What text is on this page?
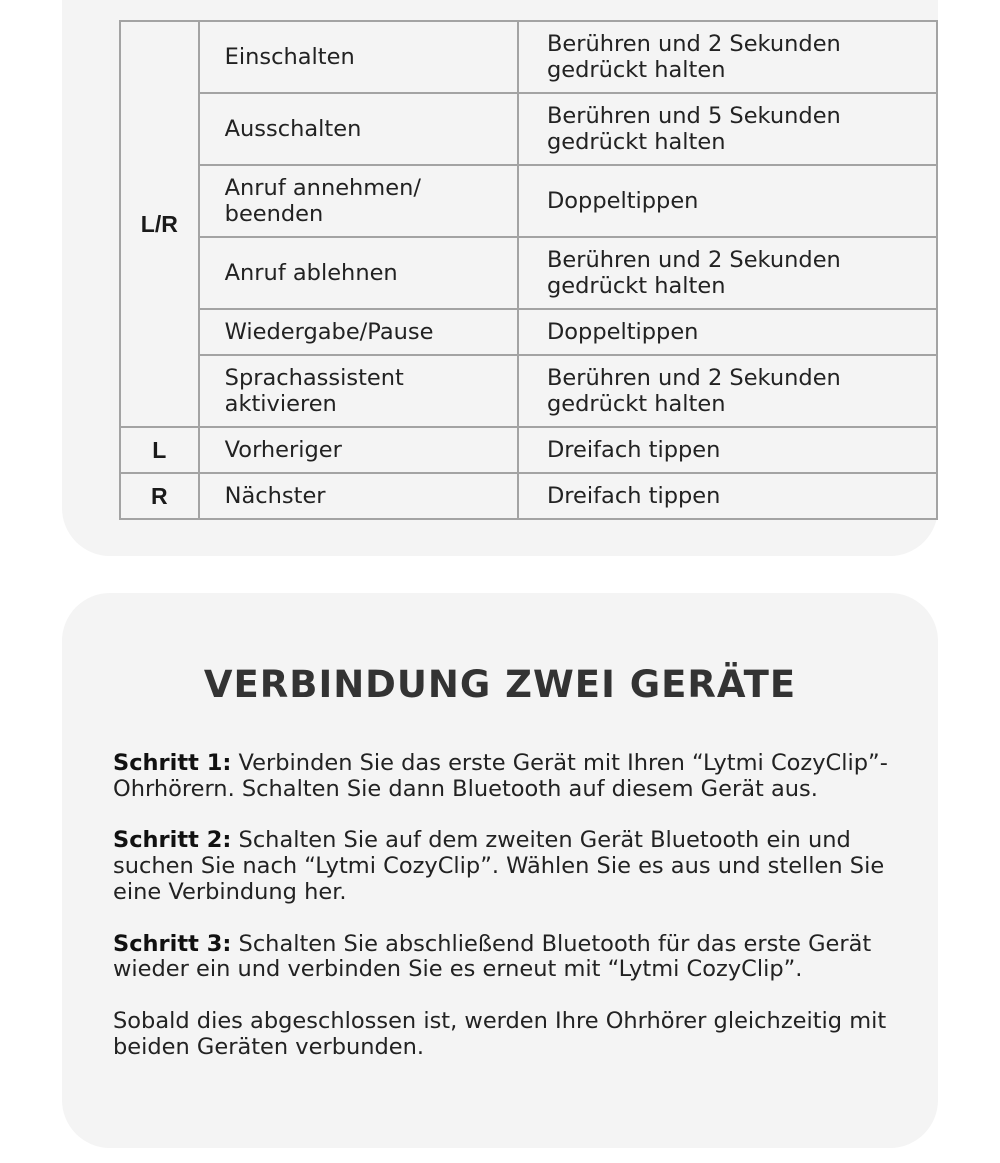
L/R	Einschalten	Berühren und 2 Sekunden gedrückt halten
	Ausschalten	Berühren und 5 Sekunden gedrückt halten
	Anruf annehmen/ beenden	Doppeltippen
	Anruf ablehnen	Berühren und 2 Sekunden gedrückt halten
	Wiedergabe/Pause	Doppeltippen
	Sprachassistent aktivieren	Berühren und 2 Sekunden gedrückt halten
L	Vorheriger	Dreifach tippen
R	Nächster	Dreifach tippen
VERBINDUNG ZWEI GERÄTE

Schritt 1: Verbinden Sie das erste Gerät mit Ihren “Lytmi CozyClip”-Ohrhörern. Schalten Sie dann Bluetooth auf diesem Gerät aus.

Schritt 2: Schalten Sie auf dem zweiten Gerät Bluetooth ein und suchen Sie nach “Lytmi CozyClip”. Wählen Sie es aus und stellen Sie eine Verbindung her.

Schritt 3: Schalten Sie abschließend Bluetooth für das erste Gerät wieder ein und verbinden Sie es erneut mit “Lytmi CozyClip”.

Sobald dies abgeschlossen ist, werden Ihre Ohrhörer gleichzeitig mit beiden Geräten verbunden.
